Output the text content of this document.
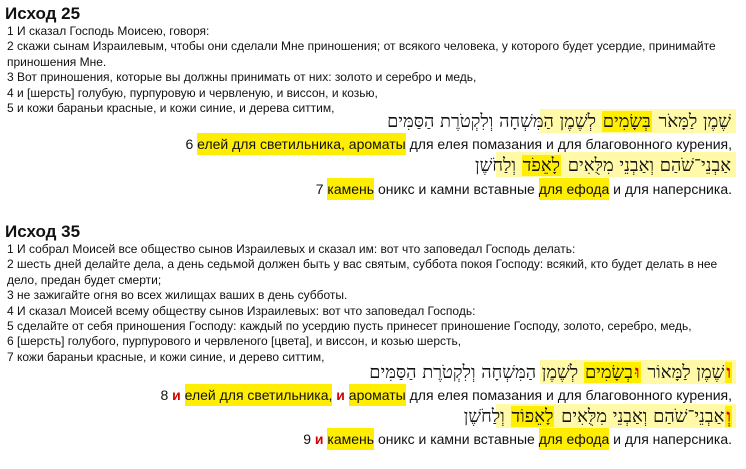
Исход 25
1 И сказал Господь Моисею, говоря:
2 скажи сынам Израилевым, чтобы они сделали Мне приношения; от всякого человека, у которого будет усердие, принимайте
приношения Мне.
3 Вот приношения, которые вы должны принимать от них: золото и серебро и медь,
4 и [шерсть] голубую, пурпуровую и червленую, и виссон, и козью,
5 и кожи бараньи красные, и кожи синие, и дерева ситтим,
שֶׁמֶן לַמָּאֹר בְּשָׂמִים לְשֶׁמֶן הַמִּשְׁחָה וְלִקְטֹרֶת הַסַּמִּים
6
елей для светильника, ароматы
для елея помазания и для благовонного курения,
אַבְנֵי־שֹׁהַם וְאַבְנֵי מִלֻּאִים לָאֵפֹד וְלַחֹשֶׁן
7
камень
оникс и камни вставные
для ефода
и для наперсника.
Исход 35
1 И собрал Моисей все общество сынов Израилевых и сказал им: вот что заповедал Господь делать:
2 шесть дней делайте дела, а день седьмой должен быть у вас святым, суббота покоя Господу: всякий, кто будет делать в нее
дело, предан будет смерти;
3 не зажигайте огня во всех жилищах ваших в день субботы.
4 И сказал Моисей всему обществу сынов Израилевых: вот что заповедал Господь:
5 сделайте от себя приношения Господу: каждый по усердию пусть принесет приношение Господу, золото, серебро, медь,
6 [шерсть] голубого, пурпурового и червленого [цвета], и виссон, и козью шерсть,
7 кожи бараньи красные, и кожи синие, и дерево ситтим,
ושֶׁמֶן לַמָּאוֹר וּבְשָׂמִים לְשֶׁמֶן הַמִּשְׁחָה וְלִקְטֹרֶת הַסַּמִּים
8
и
елей для светильника,
и
ароматы
для елея помазания и для благовонного курения,
וְאַבְנֵי־שֹׁהַם וְאַבְנֵי מִלֻּאִים לָאֵפוֹד וְלַחֹשֶׁן
9
и
камень
оникс и камни вставные
для ефода
и для наперсника.
